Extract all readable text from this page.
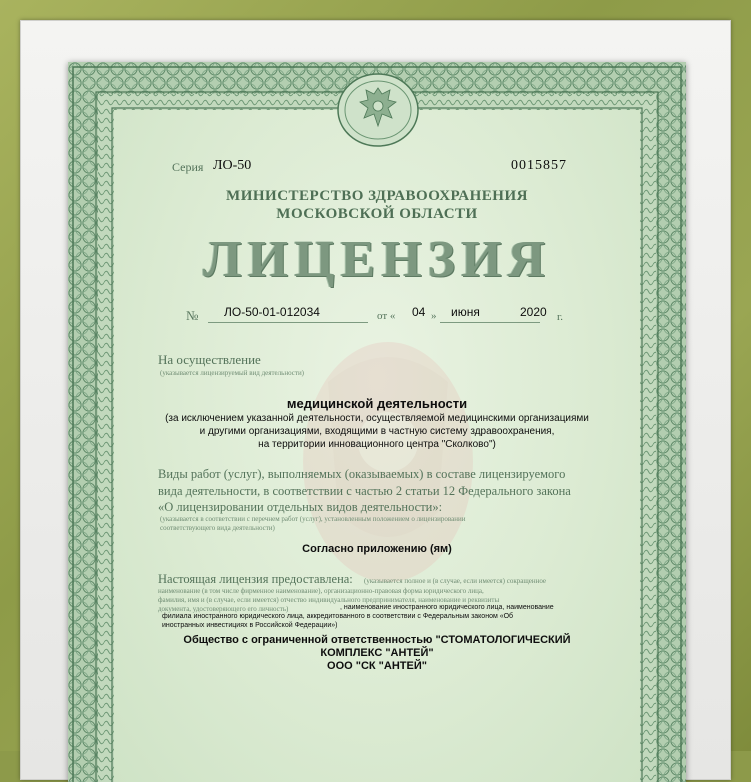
Серия ЛО-50	0015857
МИНИСТЕРСТВО ЗДРАВООХРАНЕНИЯ
МОСКОВСКОЙ ОБЛАСТИ
ЛИЦЕНЗИЯ
№ ЛО-50-01-012034	от « 04 » июня	2020 г.
На осуществление
(указывается лицензируемый вид деятельности)
медицинской деятельности
(за исключением указанной деятельности, осуществляемой медицинскими организациями
и другими организациями, входящими в частную систему здравоохранения,
на территории инновационного центра "Сколково")
Виды работ (услуг), выполняемых (оказываемых) в составе лицензируемого
вида деятельности, в соответствии с частью 2 статьи 12 Федерального закона
«О лицензировании отдельных видов деятельности»:
(указывается в соответствии с перечнем работ (услуг), установленным положением о лицензировании
соответствующего вида деятельности)
Согласно приложению (ям)
Настоящая лицензия предоставлена: (указывается полное и (в случае, если имеется) сокращенное
наименование (в том числе фирменное наименование), организационно-правовая форма юридического лица,
фамилия, имя и (в случае, если имеется) отчество индивидуального предпринимателя, наименование и реквизиты
документа, удостоверяющего его личность)	, наименование иностранного юридического лица, наименование
филиала иностранного юридического лица, аккредитованного в соответствии с Федеральным законом «Об
иностранных инвестициях в Российской Федерации»)
Общество с ограниченной ответственностью "СТОМАТОЛОГИЧЕСКИЙ
КОМПЛЕКС "АНТЕЙ"
ООО "СК "АНТЕЙ"
